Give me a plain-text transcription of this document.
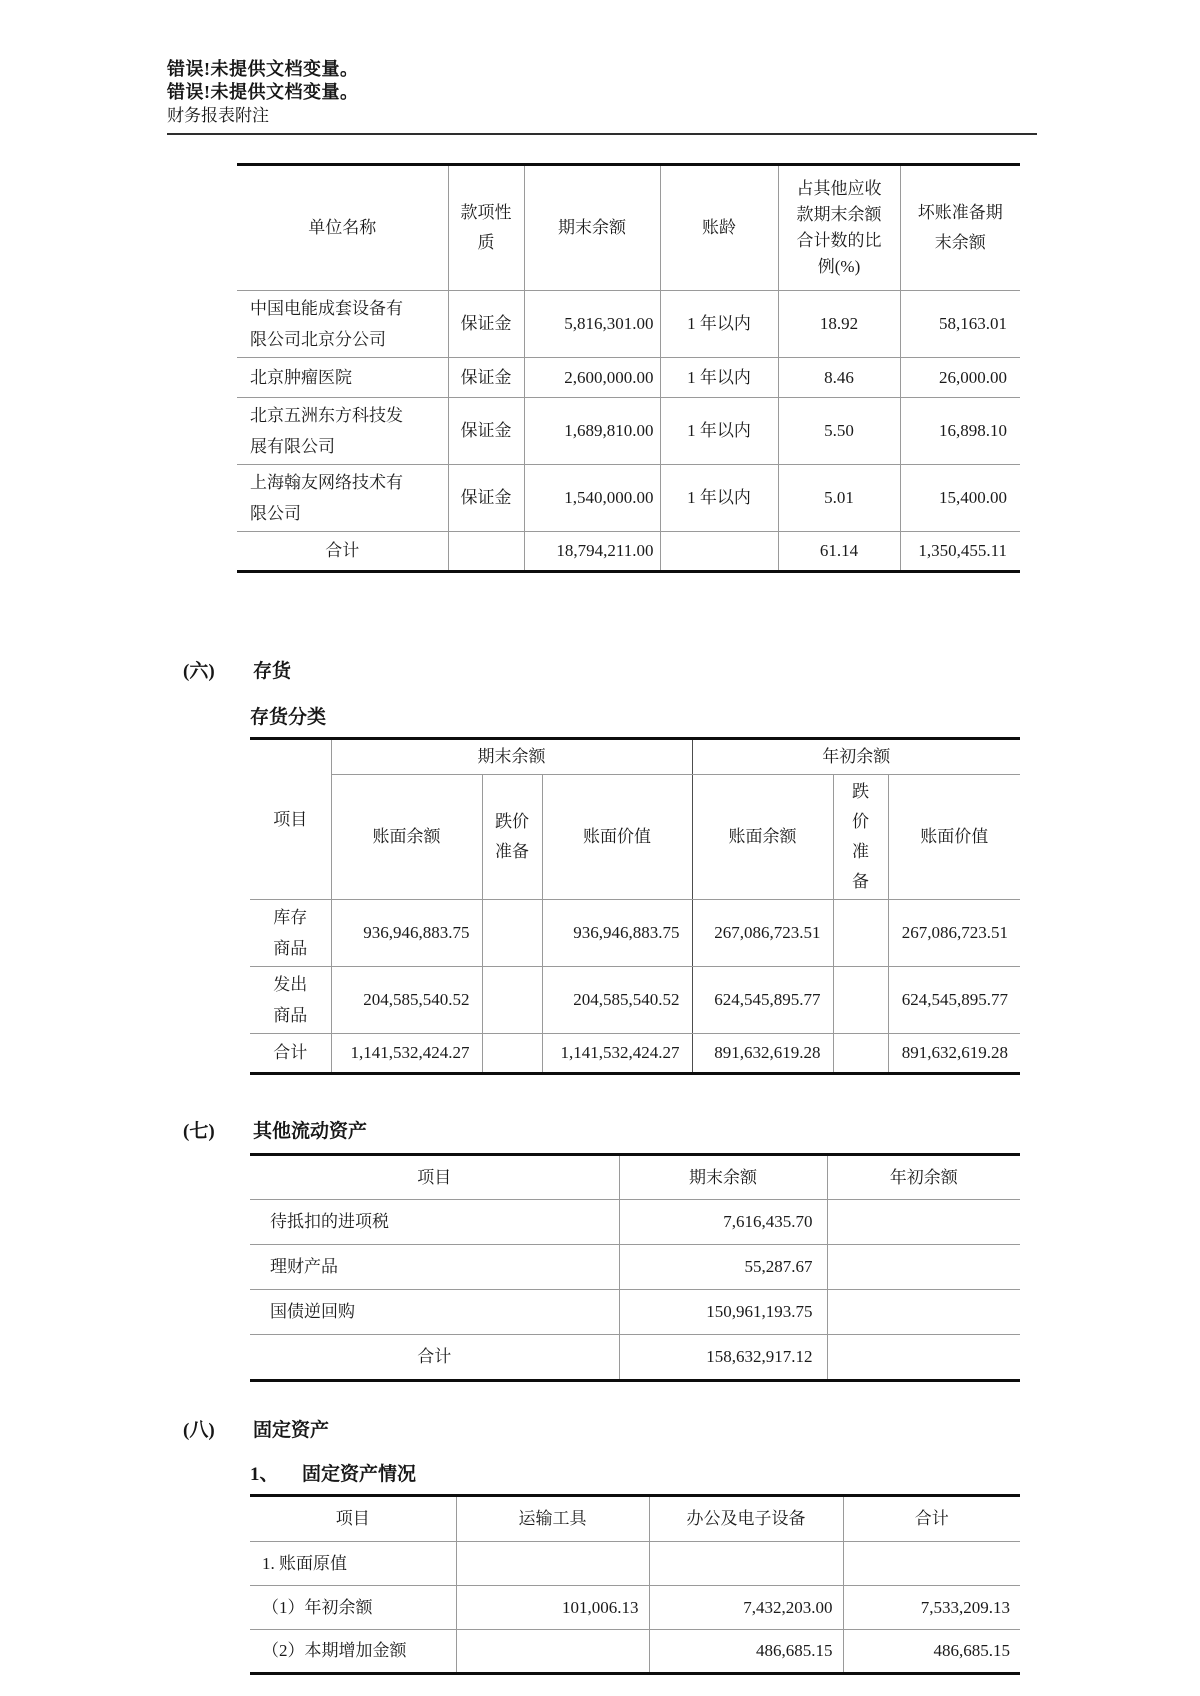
错误!未提供文档变量。
错误!未提供文档变量。
财务报表附注
单位名称	款项性质	期末余额	账龄	占其他应收款期末余额合计数的比例(%)	坏账准备期末余额
中国电能成套设备有限公司北京分公司	保证金	5,816,301.00	1 年以内	18.92	58,163.01
北京肿瘤医院	保证金	2,600,000.00	1 年以内	8.46	26,000.00
北京五洲东方科技发展有限公司	保证金	1,689,810.00	1 年以内	5.50	16,898.10
上海翰友网络技术有限公司	保证金	1,540,000.00	1 年以内	5.01	15,400.00
合计		18,794,211.00		61.14	1,350,455.11
(六)	存货
存货分类
项目	期末余额			年初余额		
	账面余额	跌价准备	账面价值	账面余额	跌价准备	账面价值
库存商品	936,946,883.75		936,946,883.75	267,086,723.51		267,086,723.51
发出商品	204,585,540.52		204,585,540.52	624,545,895.77		624,545,895.77
合计	1,141,532,424.27		1,141,532,424.27	891,632,619.28		891,632,619.28
(七)	其他流动资产
项目	期末余额	年初余额
待抵扣的进项税	7,616,435.70	
理财产品	55,287.67	
国债逆回购	150,961,193.75	
合计	158,632,917.12	
(八)	固定资产
1、	固定资产情况
项目	运输工具	办公及电子设备	合计
1. 账面原值			
（1）年初余额	101,006.13	7,432,203.00	7,533,209.13
（2）本期增加金额		486,685.15	486,685.15
